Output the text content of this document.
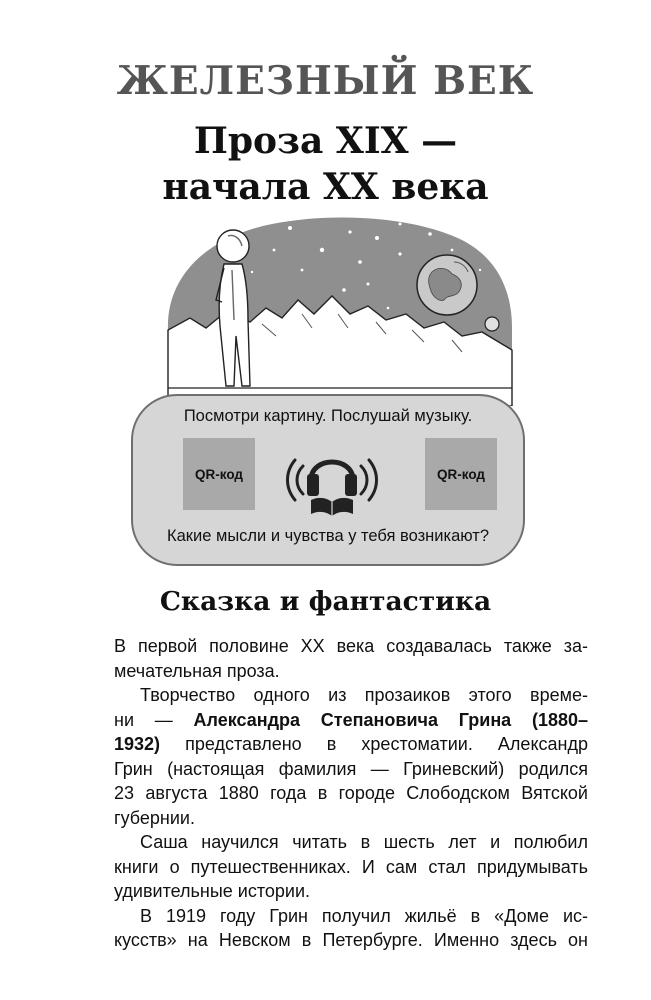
ЖЕЛЕЗНЫЙ ВЕК
Проза XIX —
начала XX века
Посмотри картину. Послушай музыку.
QR-код	QR-код
Какие мысли и чувства у тебя возникают?
Сказка и фантастика
В первой половине XX века создавалась также за-
мечательная проза.
Творчество одного из прозаиков этого време-
ни — Александра Степановича Грина (1880–
1932) представлено в хрестоматии. Александр
Грин (настоящая фамилия — Гриневский) родился
23 августа 1880 года в городе Слободском Вятской
губернии.
Саша научился читать в шесть лет и полюбил
книги о путешественниках. И сам стал придумывать
удивительные истории.
В 1919 году Грин получил жильё в «Доме ис-
кусств» на Невском в Петербурге. Именно здесь он
